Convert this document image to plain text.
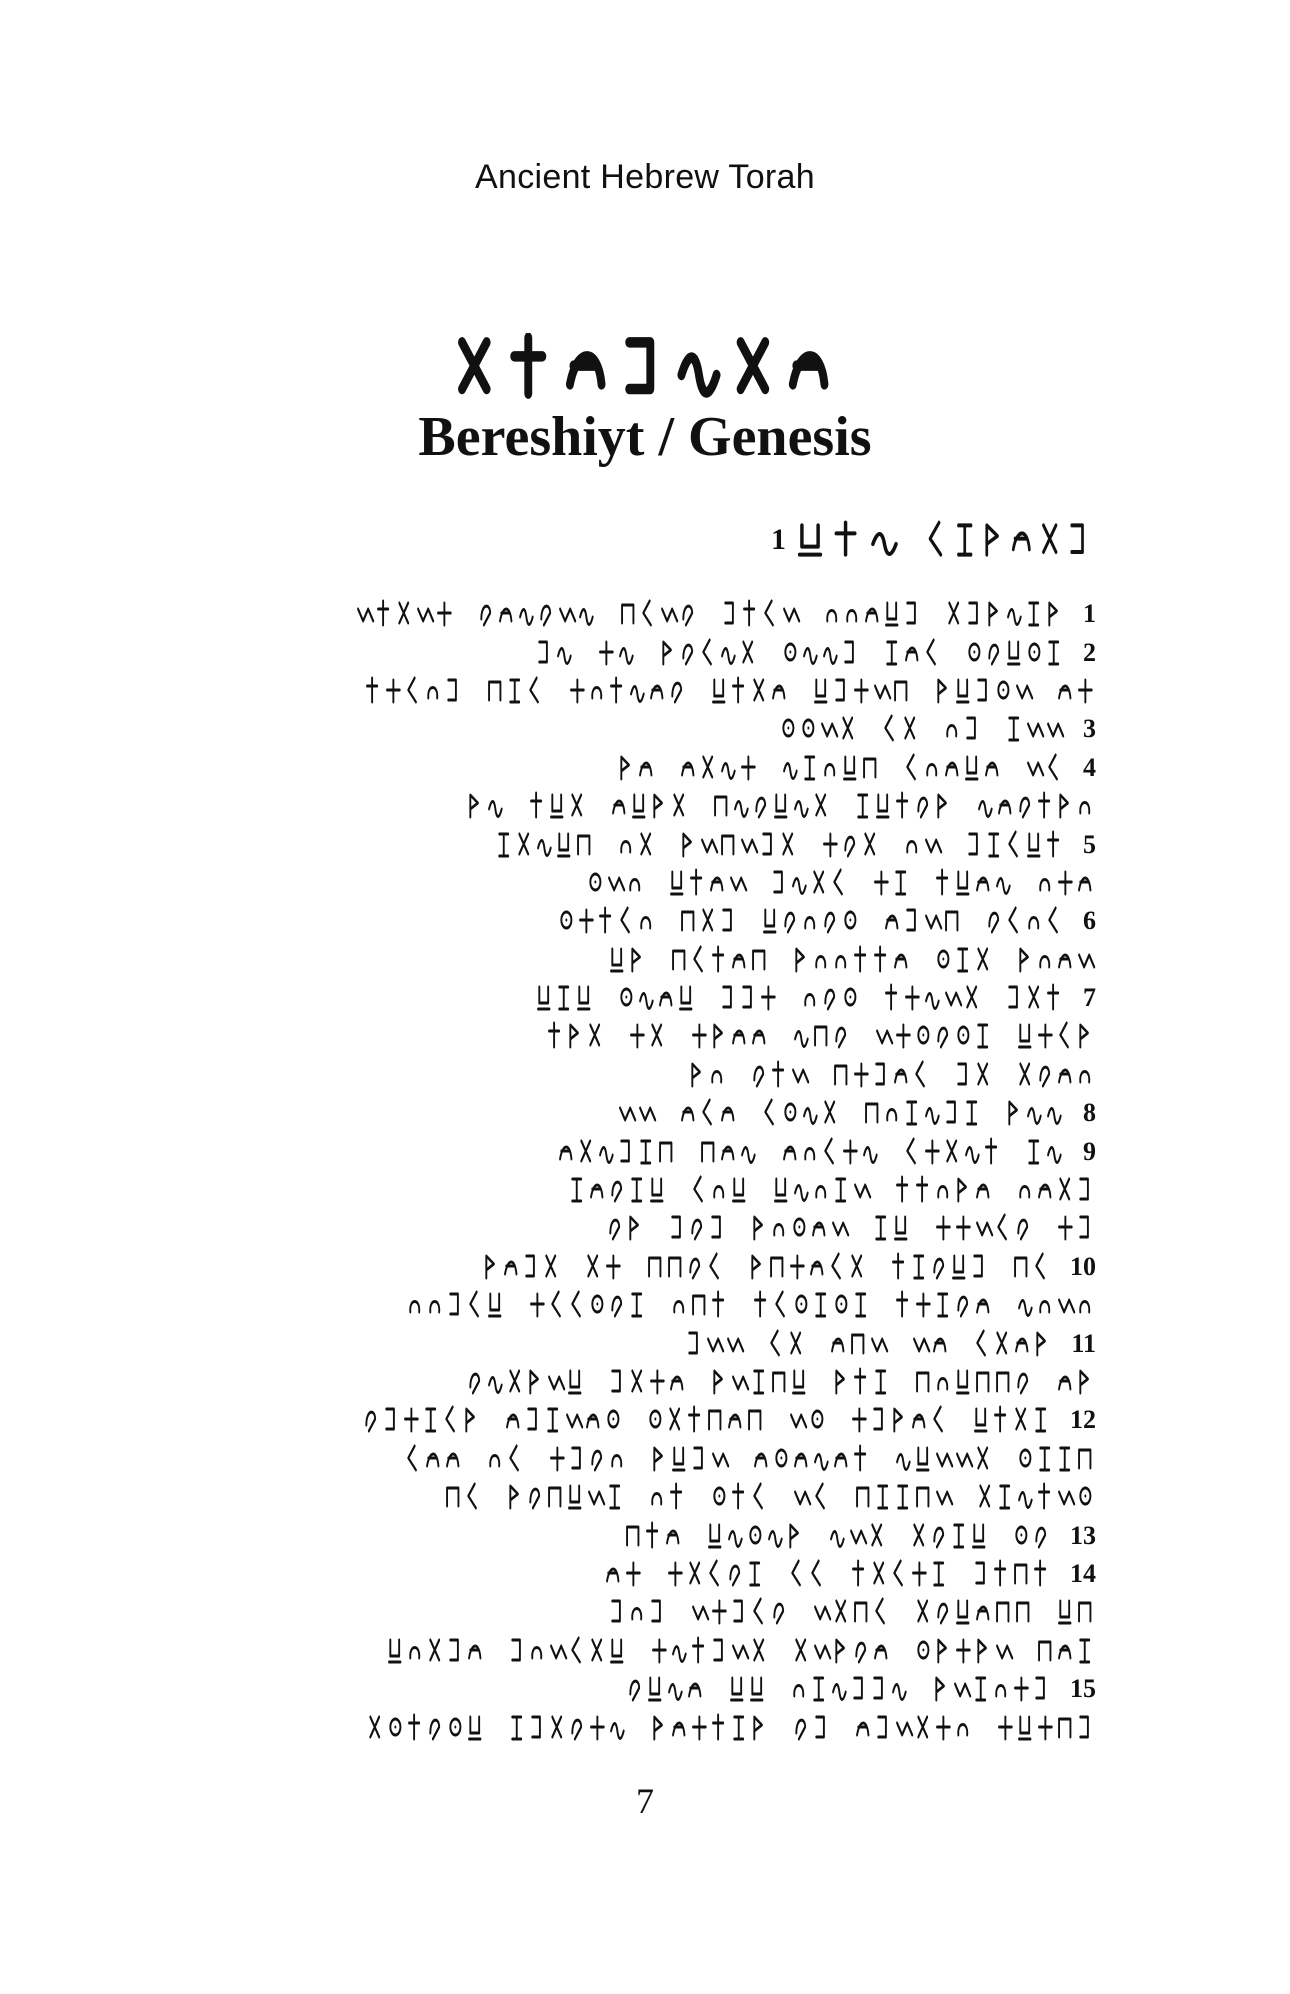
Ancient Hebrew Torah
Bereshiyt / Genesis
1
1
2
3
4
5
6
7
8
9
10
11
12
13
14
15
7
